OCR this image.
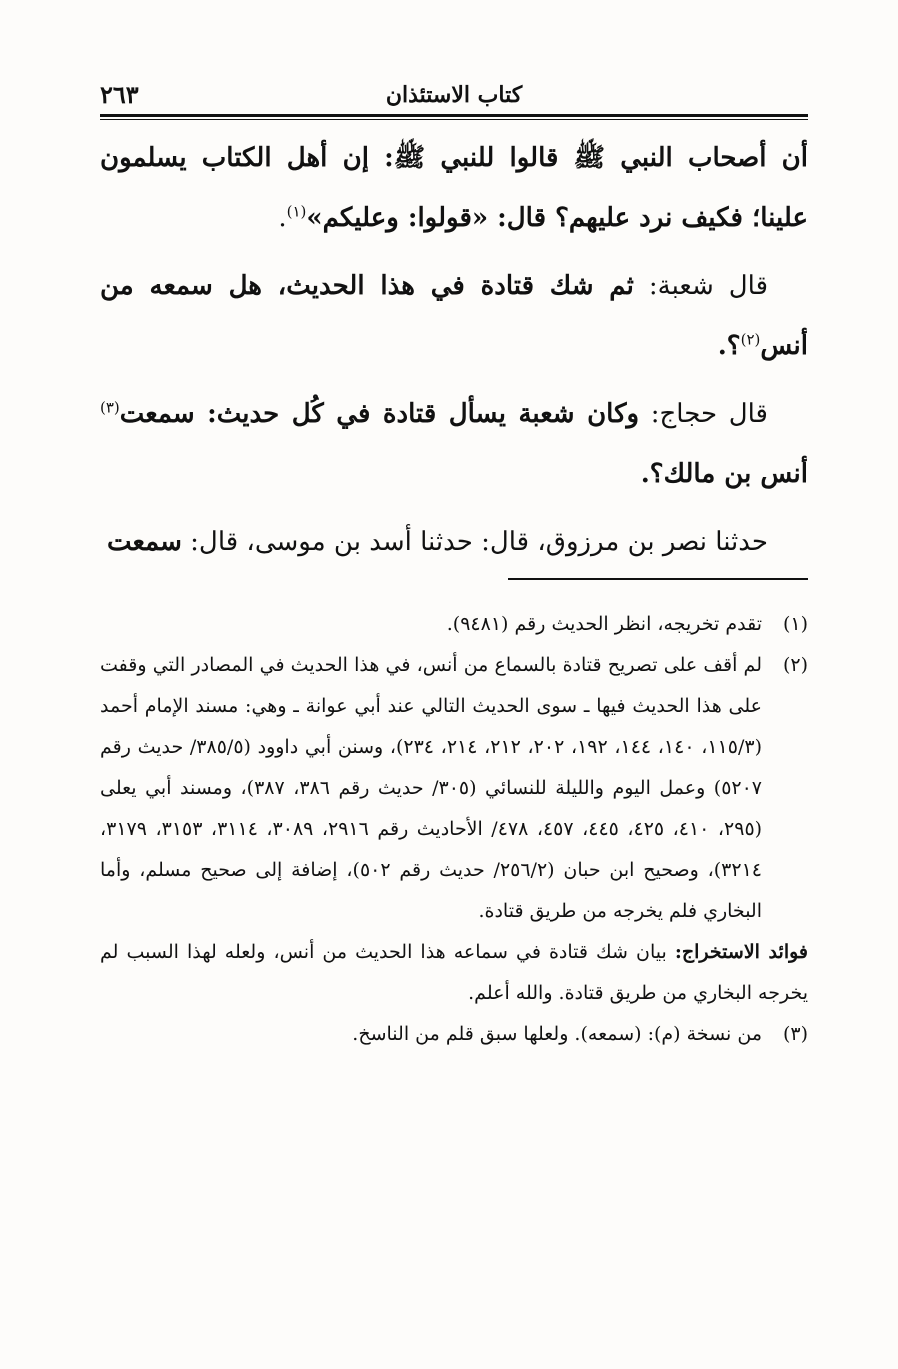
كتاب الاستئذان
٢٦٣

أن أصحاب النبي ﷺ قالوا للنبي ﷺ: إن أهل الكتاب يسلمون علينا؛ فكيف نرد عليهم؟ قال: «قولوا: وعليكم»$^{(١)}$.

قال شعبة: ثم شك قتادة في هذا الحديث، هل سمعه من أنس$^{(٢)}$؟.

قال حجاج: وكان شعبة يسأل قتادة في كُل حديث: سمعت$^{(٣)}$ أنس بن مالك؟.

حدثنا نصر بن مرزوق، قال: حدثنا أسد بن موسى، قال: سمعت

(١)
تقدم تخريجه، انظر الحديث رقم (٩٤٨١).

(٢)
لم أقف على تصريح قتادة بالسماع من أنس، في هذا الحديث في المصادر التي وقفت على هذا الحديث فيها ـ سوى الحديث التالي عند أبي عوانة ـ وهي: مسند الإمام أحمد (١١٥/٣، ١٤٠، ١٤٤، ١٩٢، ٢٠٢، ٢١٢، ٢١٤، ٢٣٤)، وسنن أبي داوود (٣٨٥/٥/ حديث رقم ٥٢٠٧) وعمل اليوم والليلة للنسائي (٣٠٥/ حديث رقم ٣٨٦، ٣٨٧)، ومسند أبي يعلى (٢٩٥، ٤١٠، ٤٢٥، ٤٤٥، ٤٥٧، ٤٧٨/ الأحاديث رقم ٢٩١٦، ٣٠٨٩، ٣١١٤، ٣١٥٣، ٣١٧٩، ٣٢١٤)، وصحيح ابن حبان (٢٥٦/٢/ حديث رقم ٥٠٢)، إضافة إلى صحيح مسلم، وأما البخاري فلم يخرجه من طريق قتادة.

فوائد الاستخراج: بيان شك قتادة في سماعه هذا الحديث من أنس، ولعله لهذا السبب لم يخرجه البخاري من طريق قتادة. والله أعلم.

(٣)
من نسخة (م): (سمعه). ولعلها سبق قلم من الناسخ.
